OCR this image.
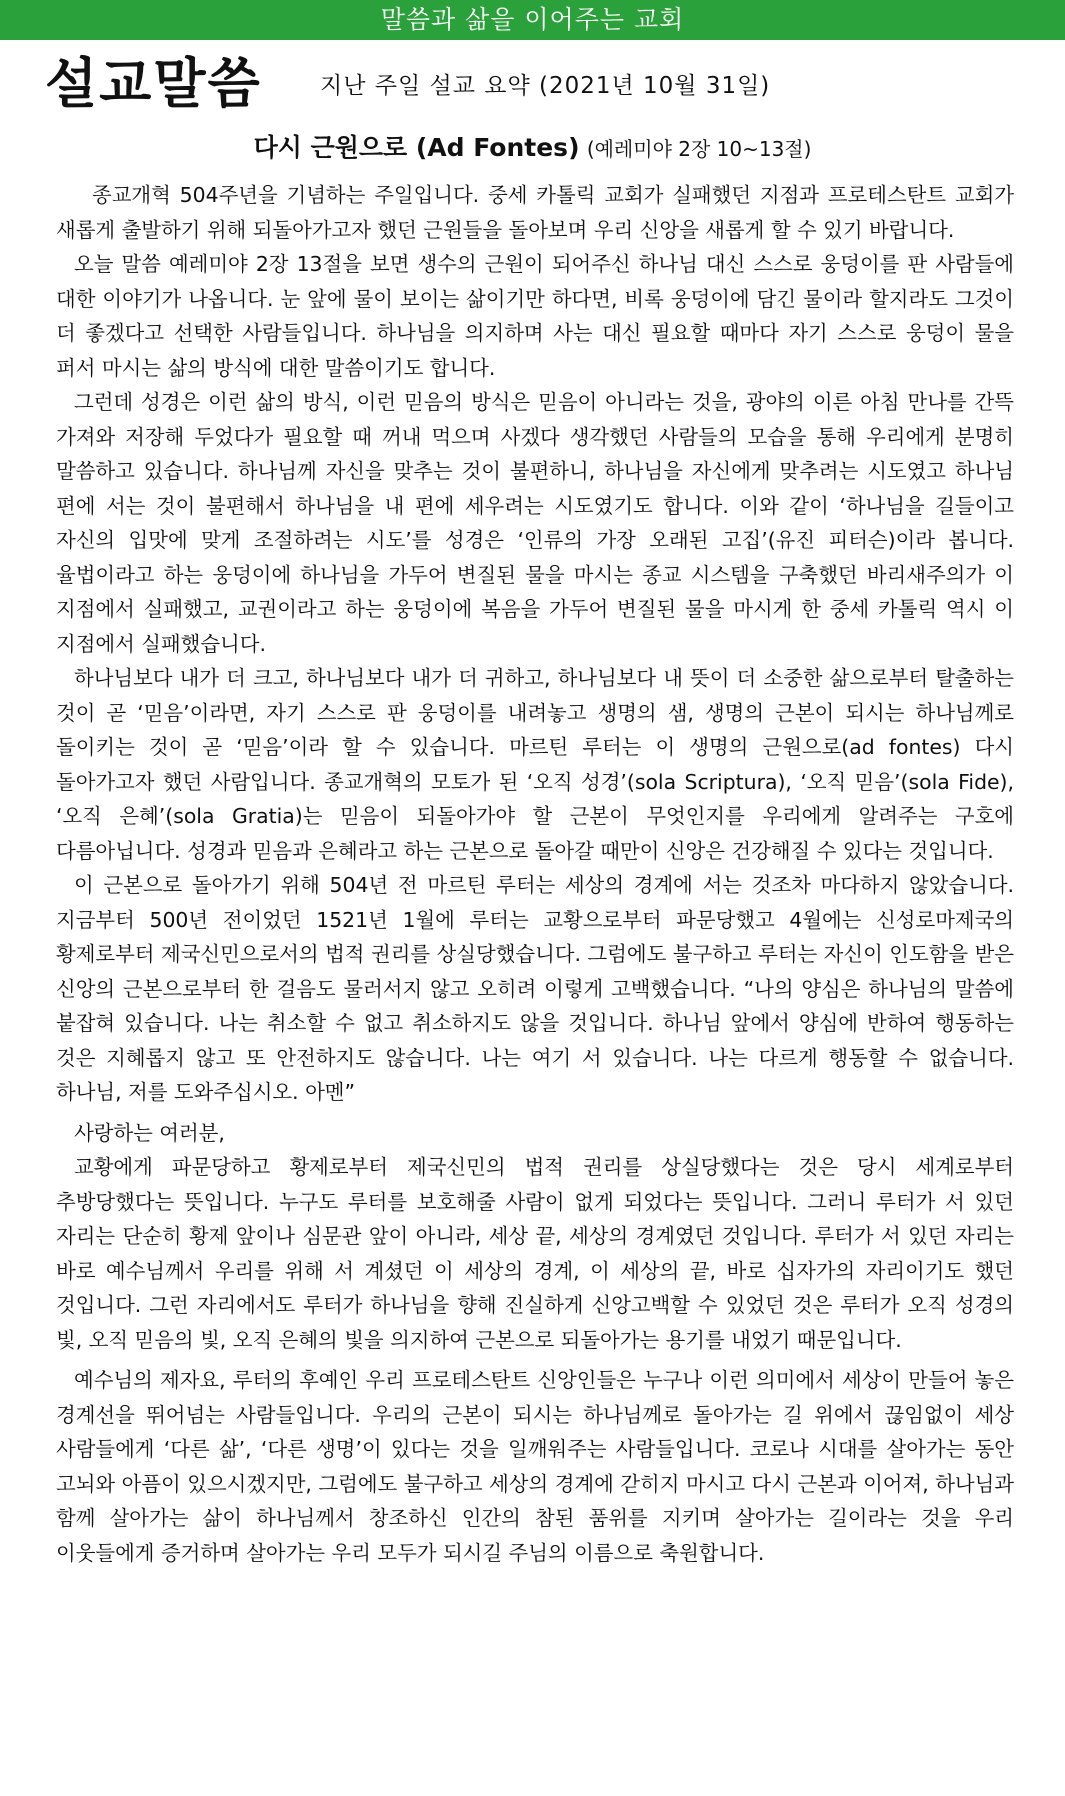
말씀과 삶을 이어주는 교회
설교말씀	지난 주일 설교 요약 (2021년 10월 31일)
다시 근원으로 (Ad Fontes) (예레미야 2장 10~13절)

종교개혁 504주년을 기념하는 주일입니다. 중세 카톨릭 교회가 실패했던 지점과 프로테스탄트 교회가 새롭게 출발하기 위해 되돌아가고자 했던 근원들을 돌아보며 우리 신앙을 새롭게 할 수 있기 바랍니다.

오늘 말씀 예레미야 2장 13절을 보면 생수의 근원이 되어주신 하나님 대신 스스로 웅덩이를 판 사람들에 대한 이야기가 나옵니다. 눈 앞에 물이 보이는 삶이기만 하다면, 비록 웅덩이에 담긴 물이라 할지라도 그것이 더 좋겠다고 선택한 사람들입니다. 하나님을 의지하며 사는 대신 필요할 때마다 자기 스스로 웅덩이 물을 퍼서 마시는 삶의 방식에 대한 말씀이기도 합니다.

그런데 성경은 이런 삶의 방식, 이런 믿음의 방식은 믿음이 아니라는 것을, 광야의 이른 아침 만나를 간뜩 가져와 저장해 두었다가 필요할 때 꺼내 먹으며 사겠다 생각했던 사람들의 모습을 통해 우리에게 분명히 말씀하고 있습니다. 하나님께 자신을 맞추는 것이 불편하니, 하나님을 자신에게 맞추려는 시도였고 하나님 편에 서는 것이 불편해서 하나님을 내 편에 세우려는 시도였기도 합니다. 이와 같이 ‘하나님을 길들이고 자신의 입맛에 맞게 조절하려는 시도’를 성경은 ‘인류의 가장 오래된 고집’(유진 피터슨)이라 봅니다. 율법이라고 하는 웅덩이에 하나님을 가두어 변질된 물을 마시는 종교 시스템을 구축했던 바리새주의가 이 지점에서 실패했고, 교권이라고 하는 웅덩이에 복음을 가두어 변질된 물을 마시게 한 중세 카톨릭 역시 이 지점에서 실패했습니다.

하나님보다 내가 더 크고, 하나님보다 내가 더 귀하고, 하나님보다 내 뜻이 더 소중한 삶으로부터 탈출하는 것이 곧 ‘믿음’이라면, 자기 스스로 판 웅덩이를 내려놓고 생명의 샘, 생명의 근본이 되시는 하나님께로 돌이키는 것이 곧 ‘믿음’이라 할 수 있습니다. 마르틴 루터는 이 생명의 근원으로(ad fontes) 다시 돌아가고자 했던 사람입니다. 종교개혁의 모토가 된 ‘오직 성경’(sola Scriptura), ‘오직 믿음’(sola Fide), ‘오직 은혜’(sola Gratia)는 믿음이 되돌아가야 할 근본이 무엇인지를 우리에게 알려주는 구호에 다름아닙니다. 성경과 믿음과 은혜라고 하는 근본으로 돌아갈 때만이 신앙은 건강해질 수 있다는 것입니다.

이 근본으로 돌아가기 위해 504년 전 마르틴 루터는 세상의 경계에 서는 것조차 마다하지 않았습니다. 지금부터 500년 전이었던 1521년 1월에 루터는 교황으로부터 파문당했고 4월에는 신성로마제국의 황제로부터 제국신민으로서의 법적 권리를 상실당했습니다. 그럼에도 불구하고 루터는 자신이 인도함을 받은 신앙의 근본으로부터 한 걸음도 물러서지 않고 오히려 이렇게 고백했습니다. “나의 양심은 하나님의 말씀에 붙잡혀 있습니다. 나는 취소할 수 없고 취소하지도 않을 것입니다. 하나님 앞에서 양심에 반하여 행동하는 것은 지혜롭지 않고 또 안전하지도 않습니다. 나는 여기 서 있습니다. 나는 다르게 행동할 수 없습니다. 하나님, 저를 도와주십시오. 아멘”

사랑하는 여러분,

교황에게 파문당하고 황제로부터 제국신민의 법적 권리를 상실당했다는 것은 당시 세계로부터 추방당했다는 뜻입니다. 누구도 루터를 보호해줄 사람이 없게 되었다는 뜻입니다. 그러니 루터가 서 있던 자리는 단순히 황제 앞이나 심문관 앞이 아니라, 세상 끝, 세상의 경계였던 것입니다. 루터가 서 있던 자리는 바로 예수님께서 우리를 위해 서 계셨던 이 세상의 경계, 이 세상의 끝, 바로 십자가의 자리이기도 했던 것입니다. 그런 자리에서도 루터가 하나님을 향해 진실하게 신앙고백할 수 있었던 것은 루터가 오직 성경의 빛, 오직 믿음의 빛, 오직 은혜의 빛을 의지하여 근본으로 되돌아가는 용기를 내었기 때문입니다.

예수님의 제자요, 루터의 후예인 우리 프로테스탄트 신앙인들은 누구나 이런 의미에서 세상이 만들어 놓은 경계선을 뛰어넘는 사람들입니다. 우리의 근본이 되시는 하나님께로 돌아가는 길 위에서 끊임없이 세상 사람들에게 ‘다른 삶’, ‘다른 생명’이 있다는 것을 일깨워주는 사람들입니다. 코로나 시대를 살아가는 동안 고뇌와 아픔이 있으시겠지만, 그럼에도 불구하고 세상의 경계에 갇히지 마시고 다시 근본과 이어져, 하나님과 함께 살아가는 삶이 하나님께서 창조하신 인간의 참된 품위를 지키며 살아가는 길이라는 것을 우리 이웃들에게 증거하며 살아가는 우리 모두가 되시길 주님의 이름으로 축원합니다.
